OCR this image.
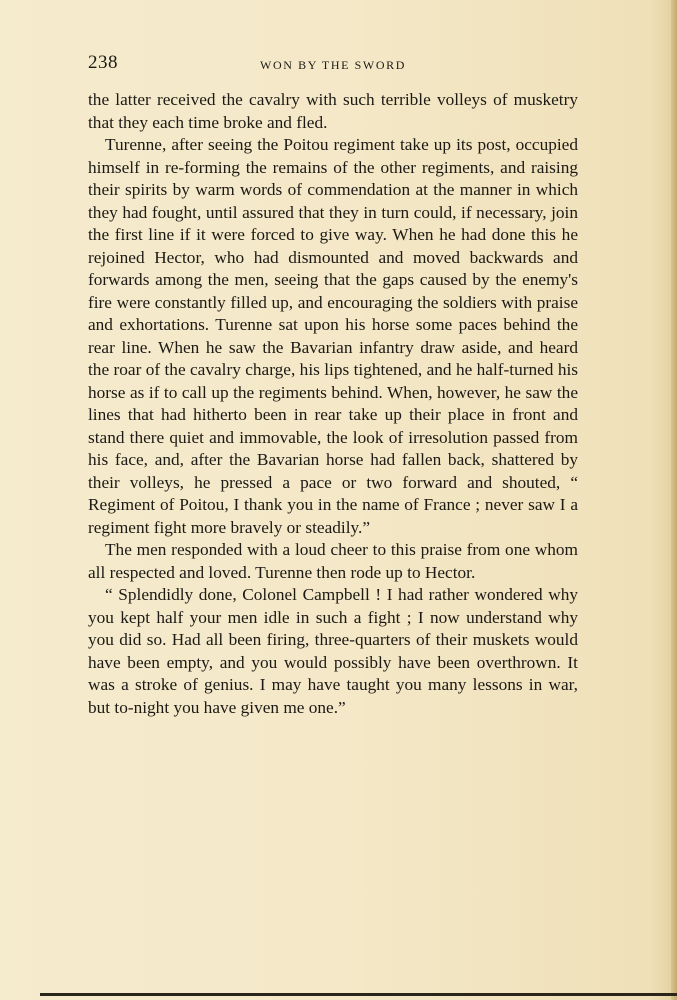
238	WON BY THE SWORD

the latter received the cavalry with such terrible volleys of musketry that they each time broke and fled.

Turenne, after seeing the Poitou regiment take up its post, occupied himself in re-forming the remains of the other regiments, and raising their spirits by warm words of commendation at the manner in which they had fought, until assured that they in turn could, if necessary, join the first line if it were forced to give way. When he had done this he rejoined Hector, who had dismounted and moved backwards and forwards among the men, seeing that the gaps caused by the enemy's fire were constantly filled up, and encouraging the soldiers with praise and exhortations. Turenne sat upon his horse some paces behind the rear line. When he saw the Bavarian infantry draw aside, and heard the roar of the cavalry charge, his lips tightened, and he half-turned his horse as if to call up the regiments behind. When, however, he saw the lines that had hitherto been in rear take up their place in front and stand there quiet and immovable, the look of irresolution passed from his face, and, after the Bavarian horse had fallen back, shattered by their volleys, he pressed a pace or two forward and shouted, “ Regiment of Poitou, I thank you in the name of France ; never saw I a regiment fight more bravely or steadily.”

The men responded with a loud cheer to this praise from one whom all respected and loved. Turenne then rode up to Hector.

“ Splendidly done, Colonel Campbell ! I had rather wondered why you kept half your men idle in such a fight ; I now understand why you did so. Had all been firing, three-quarters of their muskets would have been empty, and you would possibly have been overthrown. It was a stroke of genius. I may have taught you many lessons in war, but to-night you have given me one.”
